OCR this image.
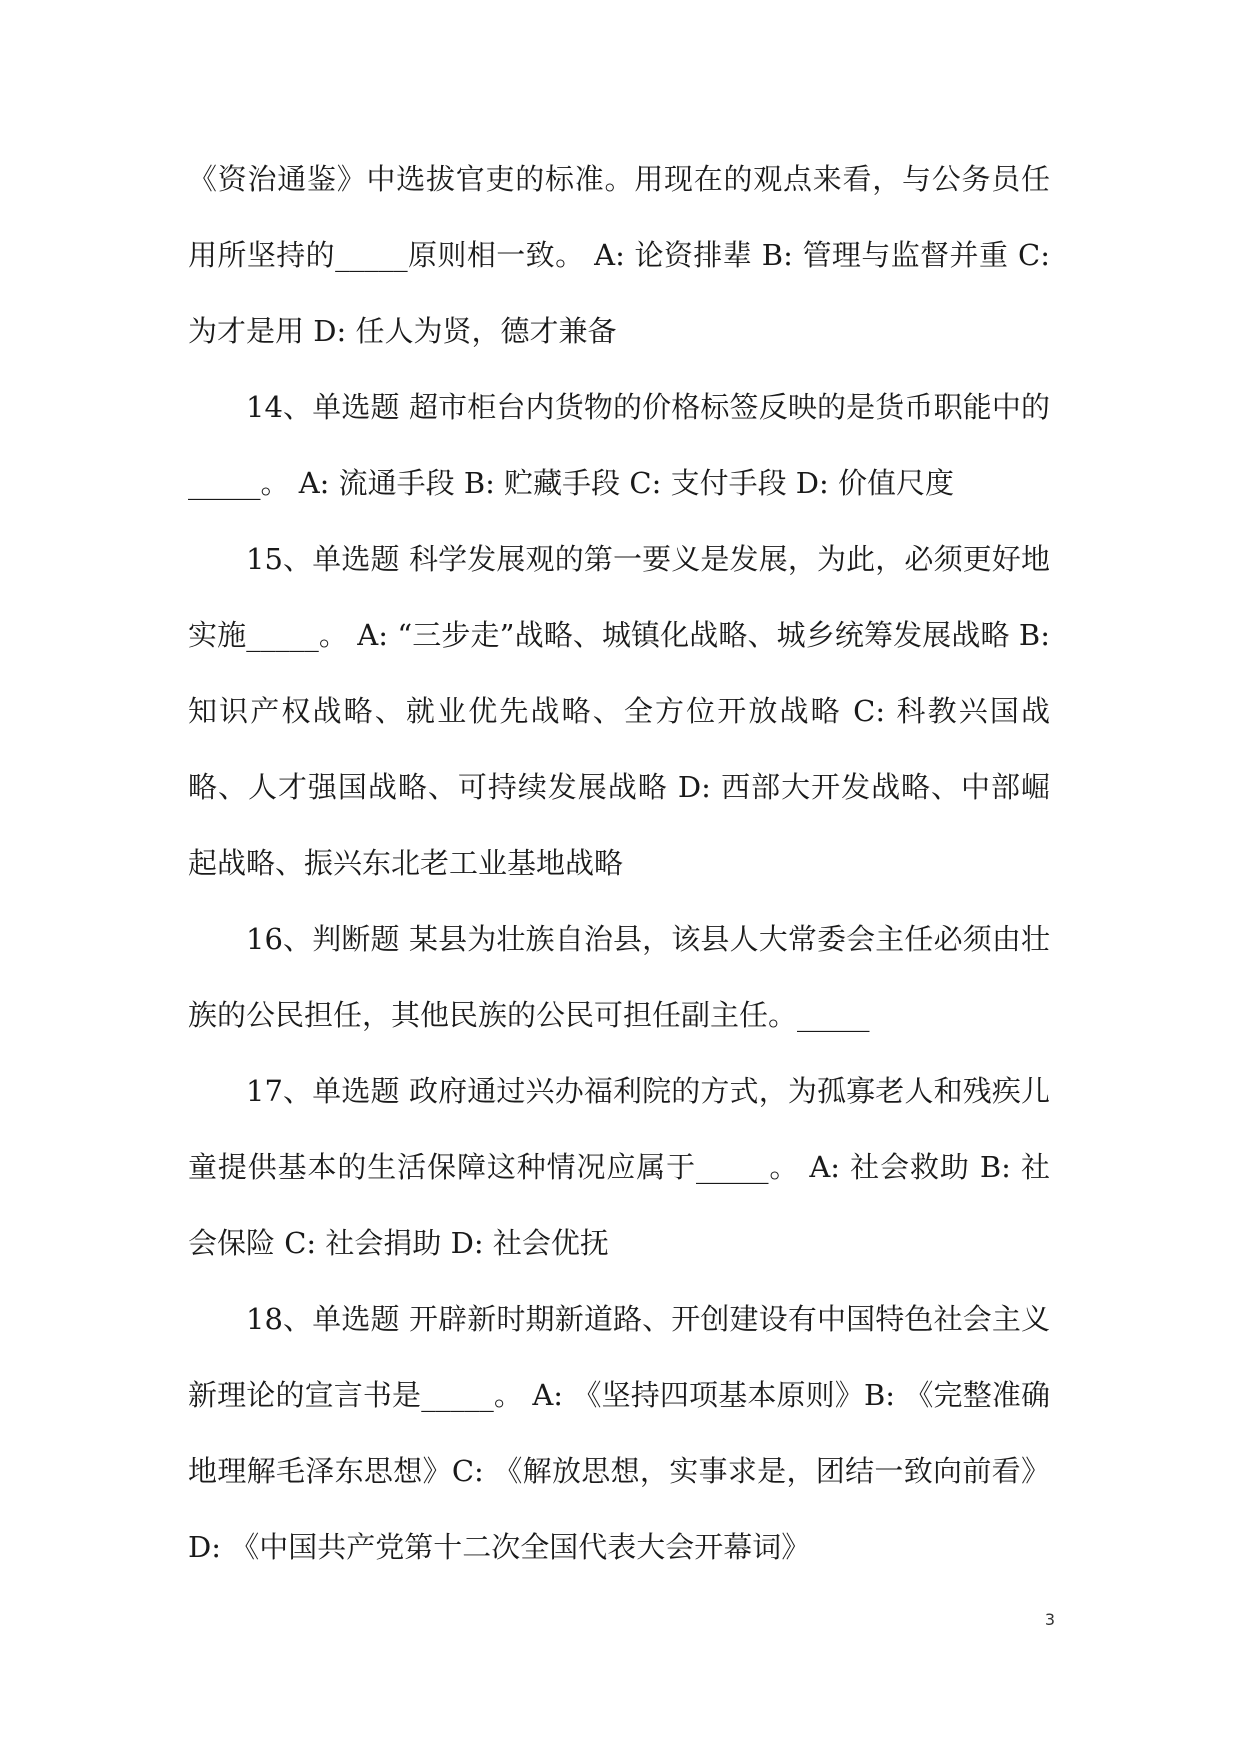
《资治通鉴》中选拔官吏的标准。用现在的观点来看，与公务员任用所坚持的_____原则相一致。 A: 论资排辈 B: 管理与监督并重 C: 为才是用 D: 任人为贤，德才兼备

14、单选题 超市柜台内货物的价格标签反映的是货币职能中的_____。 A: 流通手段 B: 贮藏手段 C: 支付手段 D: 价值尺度

15、单选题 科学发展观的第一要义是发展，为此，必须更好地实施_____。 A: “三步走”战略、城镇化战略、城乡统筹发展战略 B: 知识产权战略、就业优先战略、全方位开放战略 C: 科教兴国战略、人才强国战略、可持续发展战略 D: 西部大开发战略、中部崛起战略、振兴东北老工业基地战略

16、判断题 某县为壮族自治县，该县人大常委会主任必须由壮族的公民担任，其他民族的公民可担任副主任。_____

17、单选题 政府通过兴办福利院的方式，为孤寡老人和残疾儿童提供基本的生活保障这种情况应属于_____。 A: 社会救助 B: 社会保险 C: 社会捐助 D: 社会优抚

18、单选题 开辟新时期新道路、开创建设有中国特色社会主义新理论的宣言书是_____。 A: 《坚持四项基本原则》B: 《完整准确地理解毛泽东思想》C: 《解放思想，实事求是，团结一致向前看》D: 《中国共产党第十二次全国代表大会开幕词》

3
